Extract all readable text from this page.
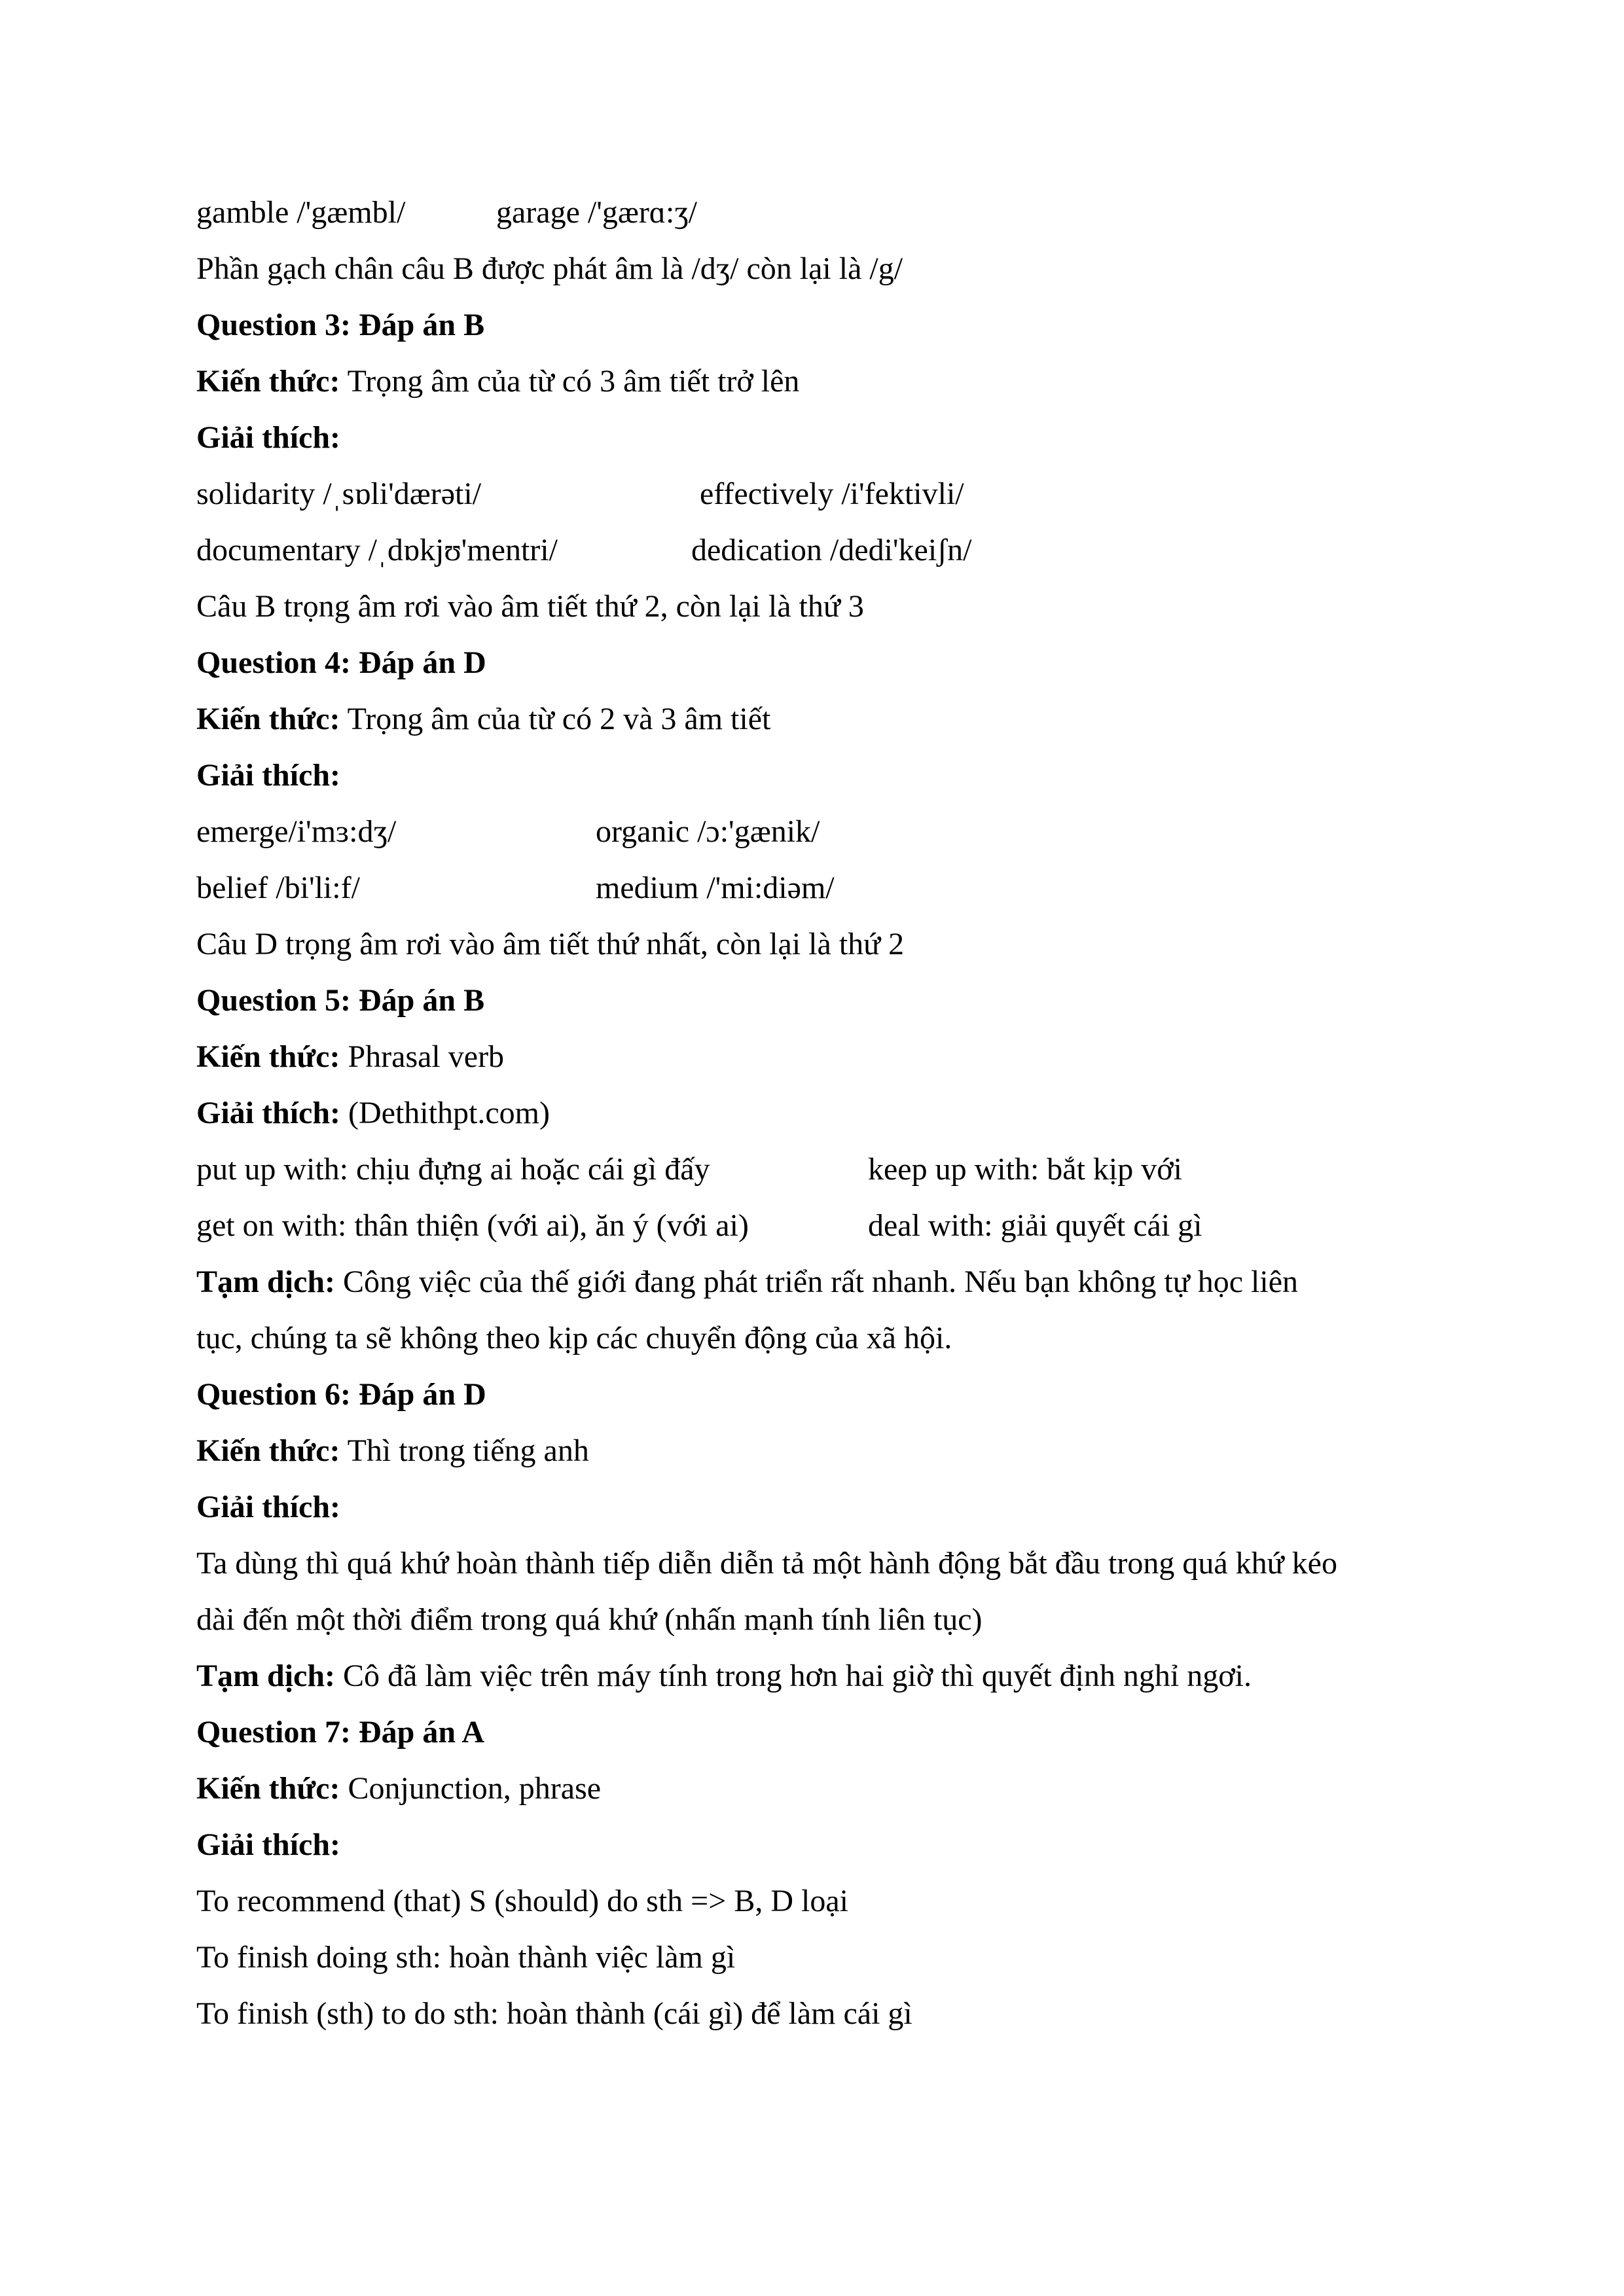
gamble /'gæmbl/	garage /'gærɑ:ʒ/
Phần gạch chân câu B được phát âm là /dʒ/ còn lại là /g/
Question 3: Đáp án B
Kiến thức: Trọng âm của từ có 3 âm tiết trở lên
Giải thích:
solidarity /ˌsɒli'dærəti/	effectively /i'fektivli/
documentary /ˌdɒkjʊ'mentri/	dedication /dedi'keiʃn/
Câu B trọng âm rơi vào âm tiết thứ 2, còn lại là thứ 3
Question 4: Đáp án D
Kiến thức: Trọng âm của từ có 2 và 3 âm tiết
Giải thích:
emerge/i'mɜ:dʒ/	organic /ɔ:'gænik/
belief /bi'li:f/	medium /'mi:diəm/
Câu D trọng âm rơi vào âm tiết thứ nhất, còn lại là thứ 2
Question 5: Đáp án B
Kiến thức: Phrasal verb
Giải thích: (Dethithpt.com)
put up with: chịu đựng ai hoặc cái gì đấy	keep up with: bắt kịp với
get on with: thân thiện (với ai), ăn ý (với ai)	deal with: giải quyết cái gì
Tạm dịch: Công việc của thế giới đang phát triển rất nhanh. Nếu bạn không tự học liên
tục, chúng ta sẽ không theo kịp các chuyển động của xã hội.
Question 6: Đáp án D
Kiến thức: Thì trong tiếng anh
Giải thích:
Ta dùng thì quá khứ hoàn thành tiếp diễn diễn tả một hành động bắt đầu trong quá khứ kéo
dài đến một thời điểm trong quá khứ (nhấn mạnh tính liên tục)
Tạm dịch: Cô đã làm việc trên máy tính trong hơn hai giờ thì quyết định nghỉ ngơi.
Question 7: Đáp án A
Kiến thức: Conjunction, phrase
Giải thích:
To recommend (that) S (should) do sth => B, D loại
To finish doing sth: hoàn thành việc làm gì
To finish (sth) to do sth: hoàn thành (cái gì) để làm cái gì
